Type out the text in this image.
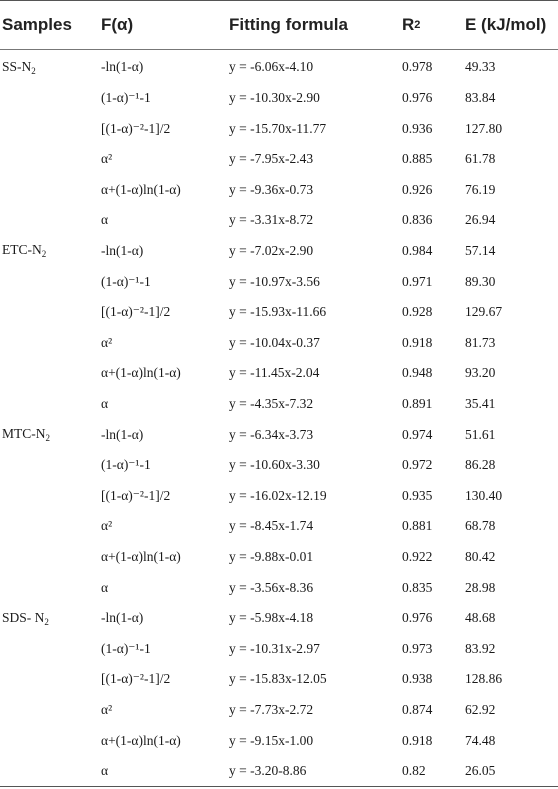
Samples F(α)	Fitting formula	R 2	E (kJ/mol)
$SS-N_2$	-ln(1-α)	y = -6.06x-4.10	0.978 49.33
(1-α)⁻¹-1	y = -10.30x-2.90	0.976 83.84
[(1-α)⁻²-1]/2	y = -15.70x-11.77	0.936 127.80
α²	y = -7.95x-2.43	0.885 61.78
α+(1-α)ln(1-α)	y = -9.36x-0.73	0.926 76.19
α	y = -3.31x-8.72	0.836 26.94
ETC-$N_2$	-ln(1-α)	y = -7.02x-2.90	0.984 57.14
(1-α)⁻¹-1	y = -10.97x-3.56	0.971 89.30
[(1-α)⁻²-1]/2	y = -15.93x-11.66	0.928 129.67
α²	y = -10.04x-0.37	0.918 81.73
α+(1-α)ln(1-α)	y = -11.45x-2.04	0.948 93.20
α	y = -4.35x-7.32	0.891 35.41
MTC-$N_2$	-ln(1-α)	y = -6.34x-3.73	0.974 51.61
(1-α)⁻¹-1	y = -10.60x-3.30	0.972 86.28
[(1-α)⁻²-1]/2	y = -16.02x-12.19	0.935 130.40
α²	y = -8.45x-1.74	0.881 68.78
α+(1-α)ln(1-α)	y = -9.88x-0.01	0.922 80.42
α	y = -3.56x-8.36	0.835 28.98
SDS- $N_2$	-ln(1-α)	y = -5.98x-4.18	0.976 48.68
(1-α)⁻¹-1	y = -10.31x-2.97	0.973 83.92
[(1-α)⁻²-1]/2	y = -15.83x-12.05	0.938 128.86
α²	y = -7.73x-2.72	0.874 62.92
α+(1-α)ln(1-α)	y = -9.15x-1.00	0.918 74.48
α	y = -3.20-8.86	0.82	26.05
